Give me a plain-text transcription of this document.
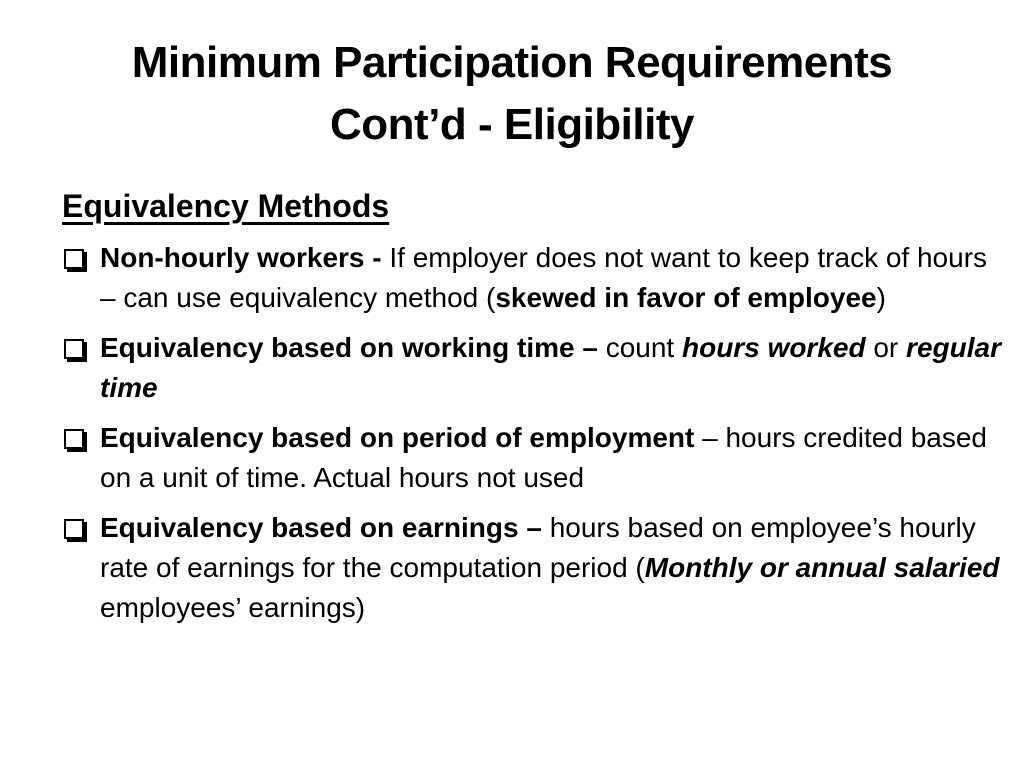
Minimum Participation Requirements
Cont’d - Eligibility
Equivalency Methods
Non-hourly workers - If employer does not want to keep track of hours – can use equivalency method (skewed in favor of employee)
Equivalency based on working time – count hours worked or regular time
Equivalency based on period of employment – hours credited based on a unit of time. Actual hours not used
Equivalency based on earnings – hours based on employee’s hourly rate of earnings for the computation period (Monthly or annual salaried employees’ earnings)
